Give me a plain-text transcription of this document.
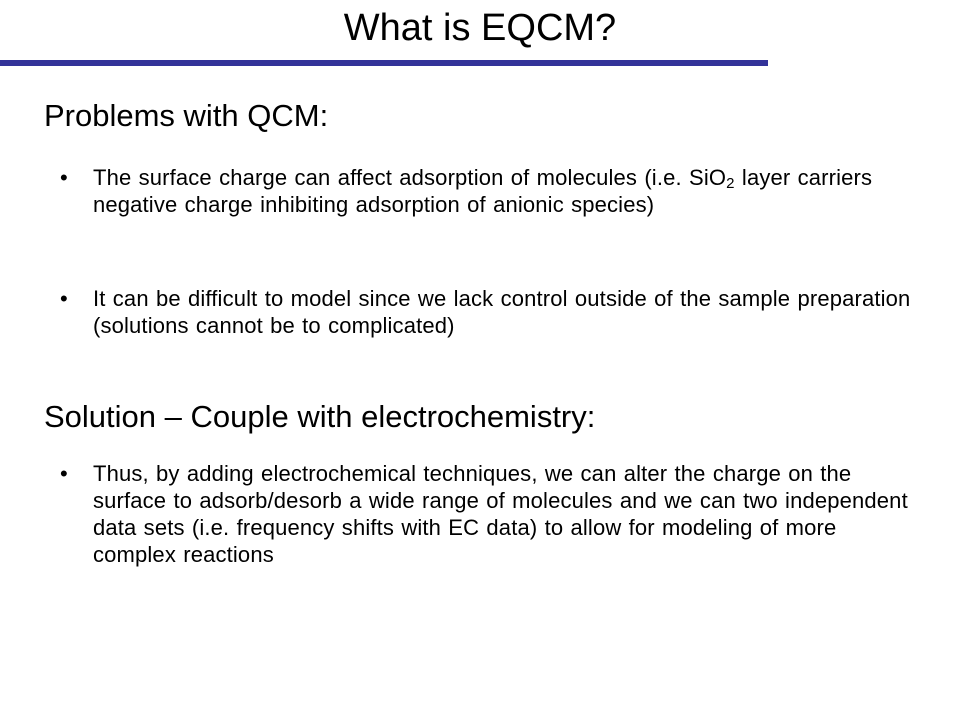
What is EQCM?
Problems with QCM:
• The surface charge can affect adsorption of molecules (i.e. SiO$_2$ layer carriers negative charge inhibiting adsorption of anionic species)
• It can be difficult to model since we lack control outside of the sample preparation (solutions cannot be to complicated)
Solution – Couple with electrochemistry:
• Thus, by adding electrochemical techniques, we can alter the charge on the surface to adsorb/desorb a wide range of molecules and we can two independent data sets (i.e. frequency shifts with EC data) to allow for modeling of more complex reactions
